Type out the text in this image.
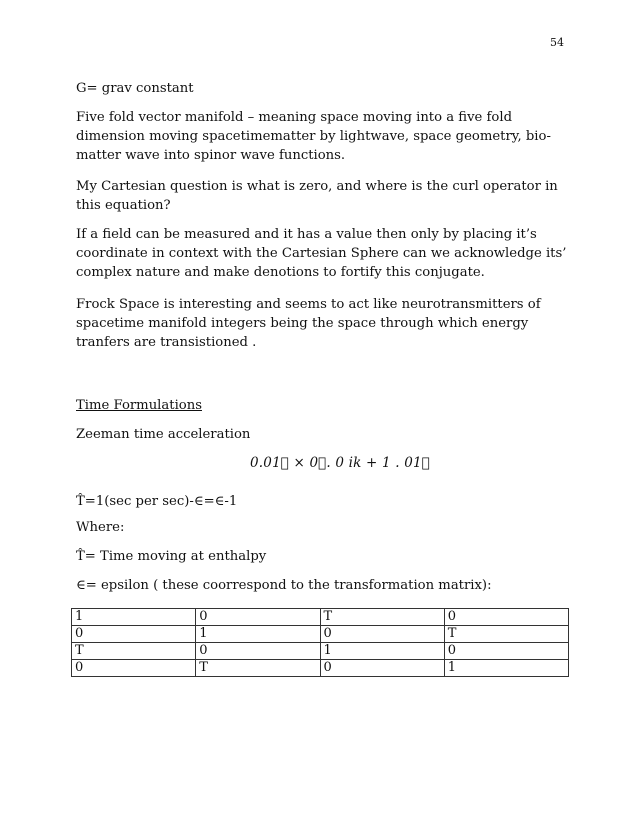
54
G= grav constant
Five fold vector manifold – meaning space moving into a five fold dimension moving spacetimematter by lightwave, space geometry, bio-matter wave into spinor wave functions.
My Cartesian question is what is zero, and where is the curl operator in this equation?
If a field can be measured and it has a value then only by placing it’s coordinate in context with the Cartesian Sphere can we acknowledge its’ complex nature and make denotions to fortify this conjugate.
Frock Space is interesting and seems to act like neurotransmitters of spacetime manifold integers being the space through which energy tranfers are transistioned .
Time Formulations
Zeeman time acceleration
0.01⃗ × 0⃗. 0 ik + 1 . 01⃗
T̂=1(sec per sec)-∈=∈-1
Where:
T̂= Time moving at enthalpy
∈= epsilon ( these coorrespond to the transformation matrix):
1	0	T	0
0	1	0	T
T	0	1	0
0	T	0	1
